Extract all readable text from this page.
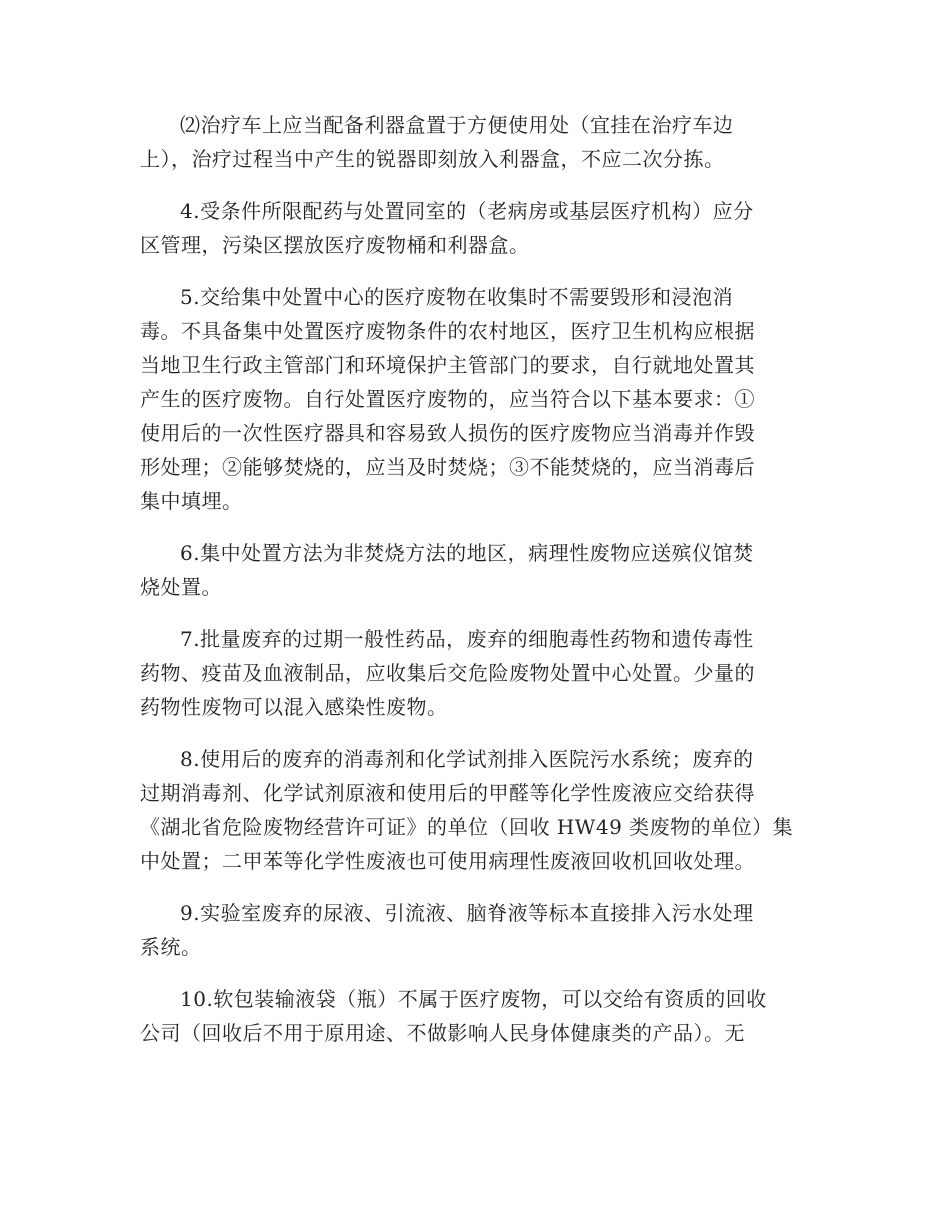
⑵治疗车上应当配备利器盒置于方便使用处（宜挂在治疗车边
上），治疗过程当中产生的锐器即刻放入利器盒，不应二次分拣。

4.受条件所限配药与处置同室的（老病房或基层医疗机构）应分
区管理，污染区摆放医疗废物桶和利器盒。

5.交给集中处置中心的医疗废物在收集时不需要毁形和浸泡消
毒。不具备集中处置医疗废物条件的农村地区，医疗卫生机构应根据
当地卫生行政主管部门和环境保护主管部门的要求，自行就地处置其
产生的医疗废物。自行处置医疗废物的，应当符合以下基本要求：①
使用后的一次性医疗器具和容易致人损伤的医疗废物应当消毒并作毁
形处理；②能够焚烧的，应当及时焚烧；③不能焚烧的，应当消毒后
集中填埋。

6.集中处置方法为非焚烧方法的地区，病理性废物应送殡仪馆焚
烧处置。

7.批量废弃的过期一般性药品，废弃的细胞毒性药物和遗传毒性
药物、疫苗及血液制品，应收集后交危险废物处置中心处置。少量的
药物性废物可以混入感染性废物。

8.使用后的废弃的消毒剂和化学试剂排入医院污水系统；废弃的
过期消毒剂、化学试剂原液和使用后的甲醛等化学性废液应交给获得
《湖北省危险废物经营许可证》的单位（回收 HW49 类废物的单位）集
中处置；二甲苯等化学性废液也可使用病理性废液回收机回收处理。

9.实验室废弃的尿液、引流液、脑脊液等标本直接排入污水处理
系统。

10.软包装输液袋（瓶）不属于医疗废物，可以交给有资质的回收
公司（回收后不用于原用途、不做影响人民身体健康类的产品）。无
